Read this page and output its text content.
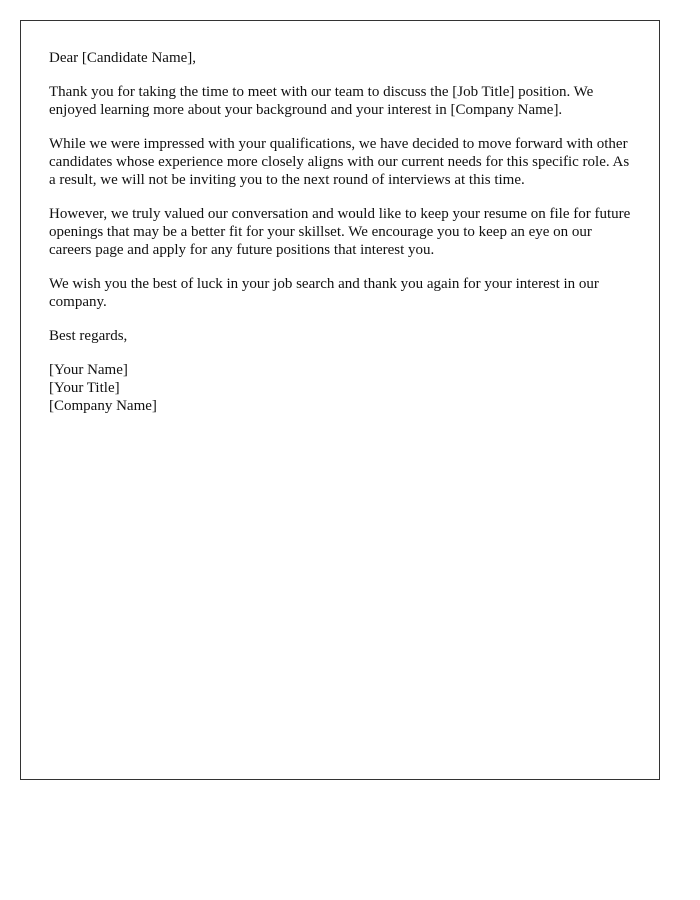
Dear [Candidate Name],

Thank you for taking the time to meet with our team to discuss the [Job Title] position. We enjoyed learning more about your background and your interest in [Company Name].

While we were impressed with your qualifications, we have decided to move forward with other candidates whose experience more closely aligns with our current needs for this specific role. As a result, we will not be inviting you to the next round of interviews at this time.

However, we truly valued our conversation and would like to keep your resume on file for future openings that may be a better fit for your skillset. We encourage you to keep an eye on our careers page and apply for any future positions that interest you.

We wish you the best of luck in your job search and thank you again for your interest in our company.

Best regards,

[Your Name]
[Your Title]
[Company Name]
